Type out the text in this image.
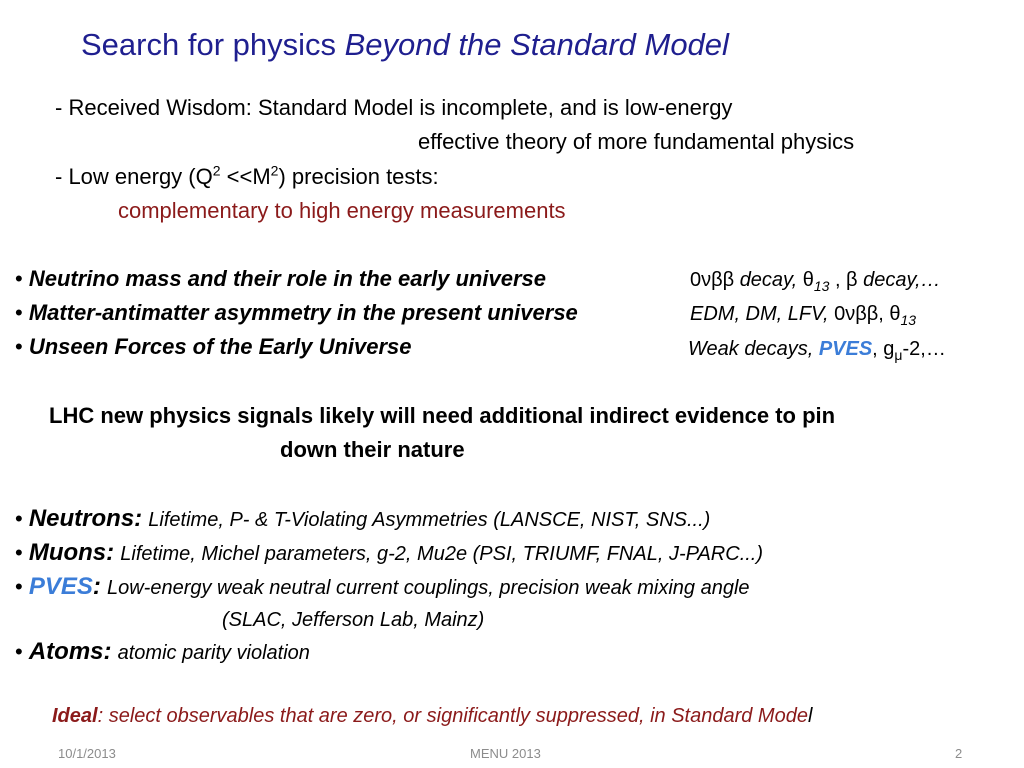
Search for physics Beyond the Standard Model
- Received Wisdom: Standard Model is incomplete, and is low-energy
effective theory of more fundamental physics
- Low energy $(Q^2 <<M^2)$ precision tests:
complementary to high energy measurements
• Neutrino mass and their role in the early universe	0νββ decay, $\theta_{13}$ , β decay,…
• Matter-antimatter asymmetry in the present universe	EDM, DM, LFV, 0νββ, $\theta_{13}$
• Unseen Forces of the Early Universe	Weak decays, PVES, $g_\mu-2,\dots$
LHC new physics signals likely will need additional indirect evidence to pin
down their nature
• Neutrons: Lifetime, P- & T-Violating Asymmetries (LANSCE, NIST, SNS...)
• Muons: Lifetime, Michel parameters, g-2, Mu2e (PSI, TRIUMF, FNAL, J-PARC...)
• PVES: Low-energy weak neutral current couplings, precision weak mixing angle
(SLAC, Jefferson Lab, Mainz)
• Atoms: atomic parity violation
Ideal: select observables that are zero, or significantly suppressed, in Standard Model
10/1/2013	MENU 2013	2
